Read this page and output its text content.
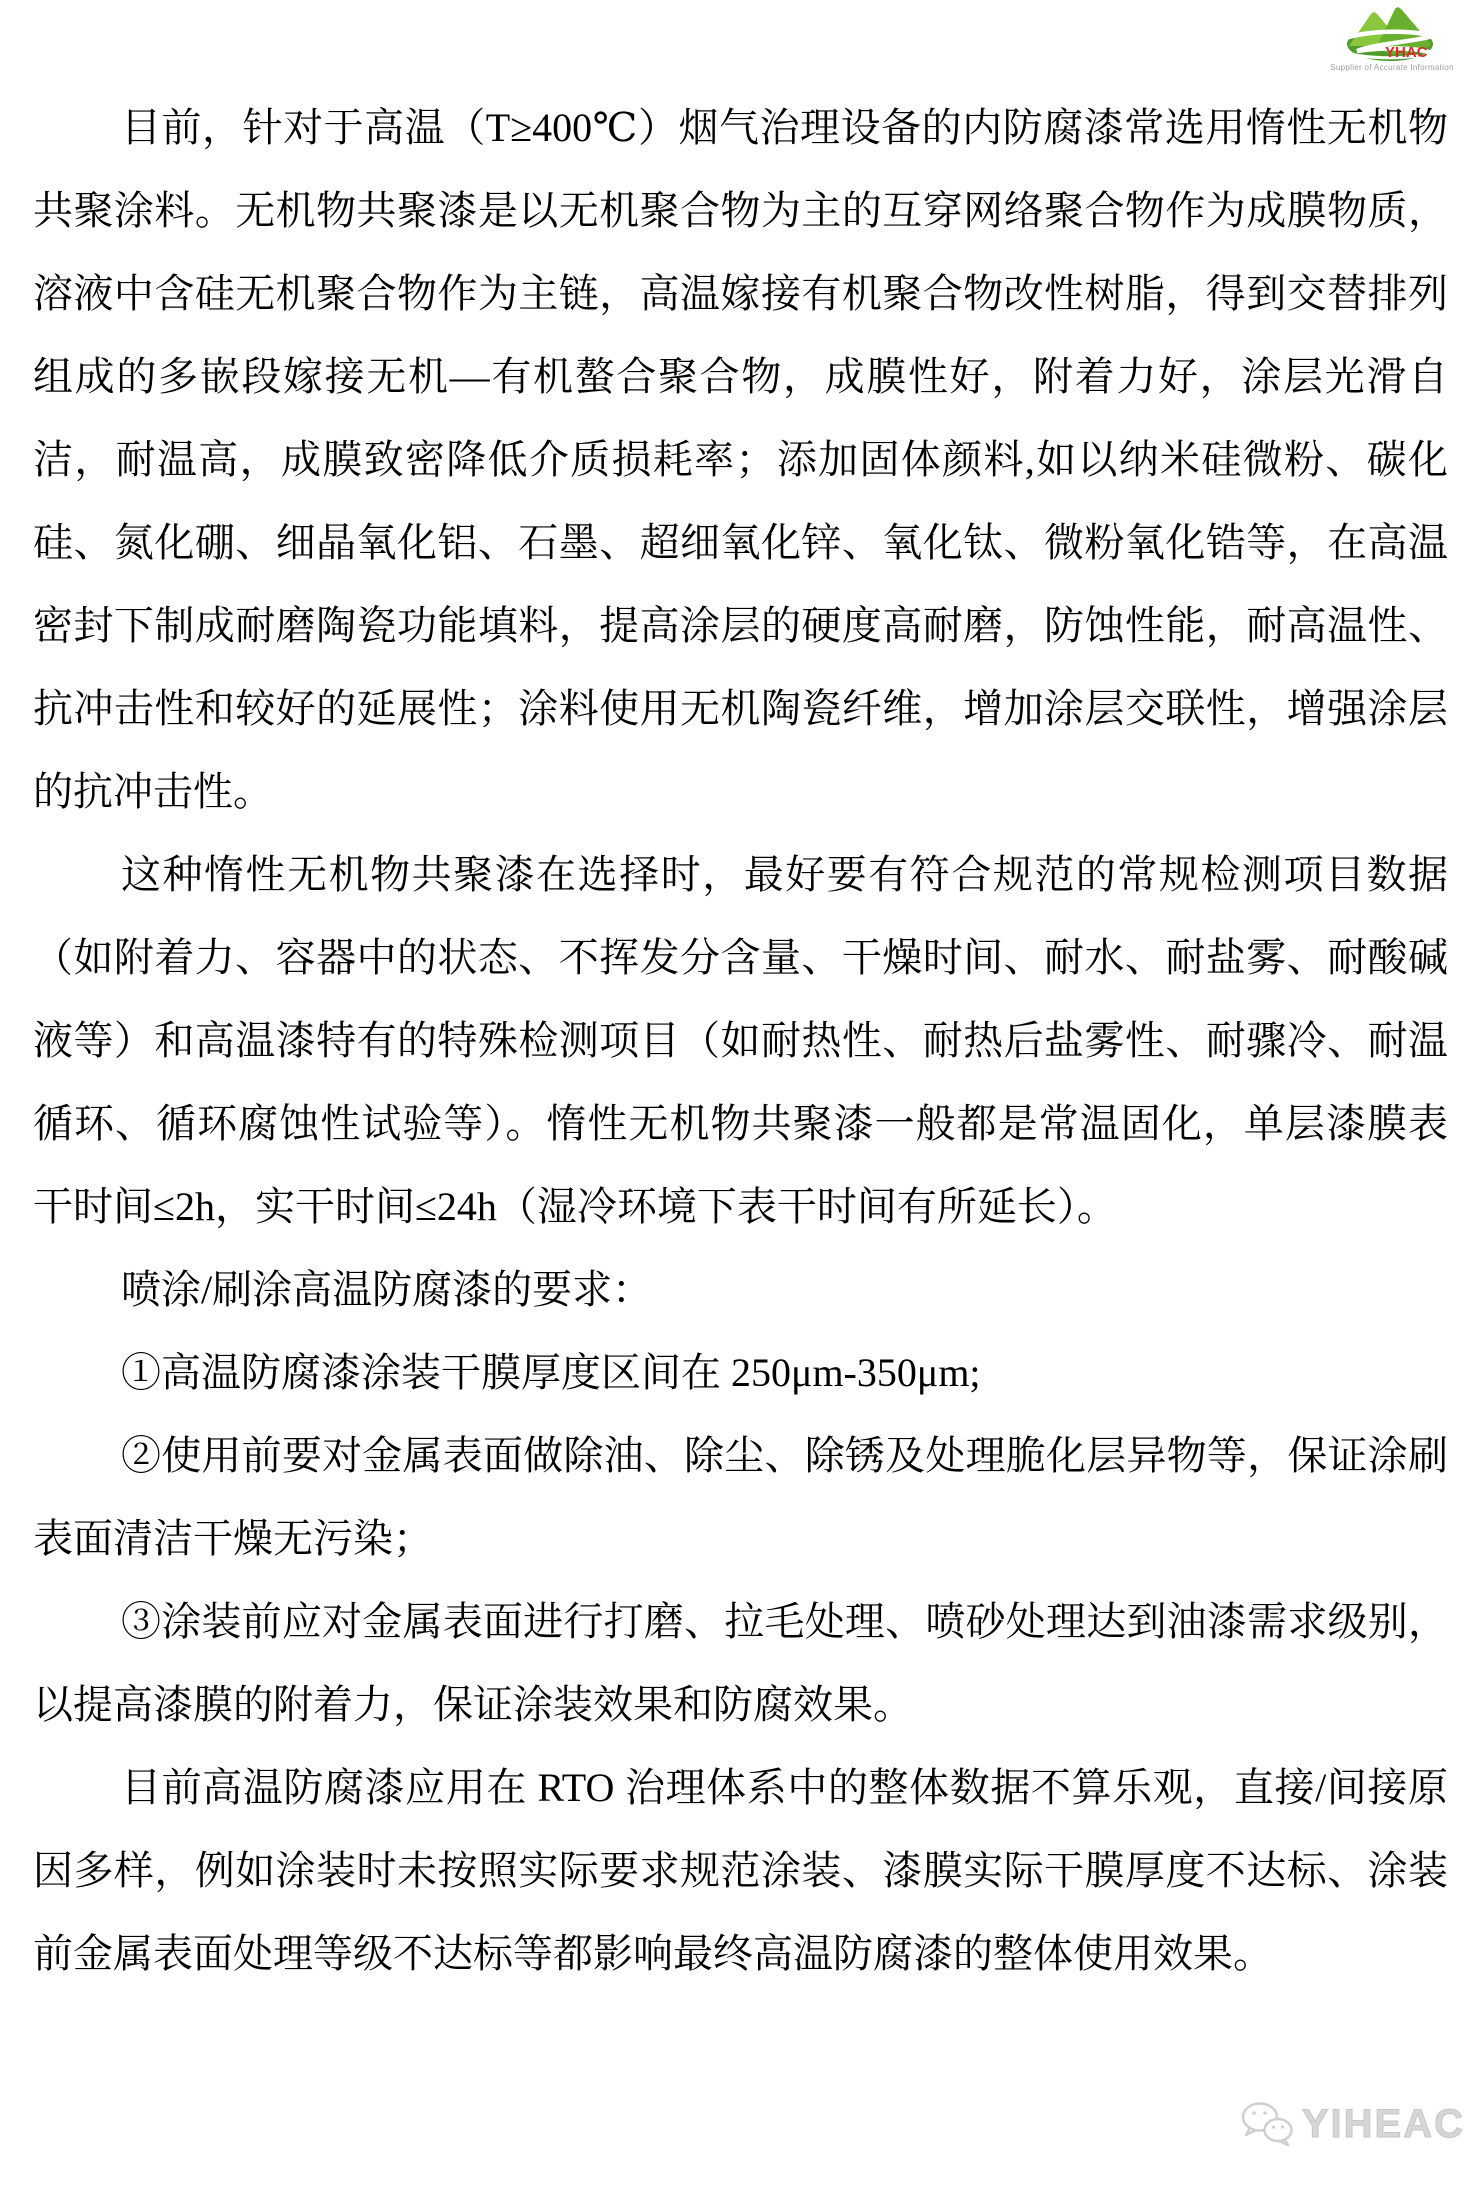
YHAC
Supplier of Accurate Information

目前，针对于高温（T≥400℃）烟气治理设备的内防腐漆常选用惰性无机物共聚涂料。无机物共聚漆是以无机聚合物为主的互穿网络聚合物作为成膜物质，溶液中含硅无机聚合物作为主链，高温嫁接有机聚合物改性树脂，得到交替排列组成的多嵌段嫁接无机—有机螯合聚合物，成膜性好，附着力好，涂层光滑自洁，耐温高，成膜致密降低介质损耗率；添加固体颜料,如以纳米硅微粉、碳化硅、氮化硼、细晶氧化铝、石墨、超细氧化锌、氧化钛、微粉氧化锆等，在高温密封下制成耐磨陶瓷功能填料，提高涂层的硬度高耐磨，防蚀性能，耐高温性、抗冲击性和较好的延展性；涂料使用无机陶瓷纤维，增加涂层交联性，增强涂层的抗冲击性。

这种惰性无机物共聚漆在选择时，最好要有符合规范的常规检测项目数据（如附着力、容器中的状态、不挥发分含量、干燥时间、耐水、耐盐雾、耐酸碱液等）和高温漆特有的特殊检测项目（如耐热性、耐热后盐雾性、耐骤冷、耐温循环、循环腐蚀性试验等）。惰性无机物共聚漆一般都是常温固化，单层漆膜表干时间≤2h，实干时间≤24h（湿冷环境下表干时间有所延长）。

喷涂/刷涂高温防腐漆的要求：

①高温防腐漆涂装干膜厚度区间在 250μm-350μm;

②使用前要对金属表面做除油、除尘、除锈及处理脆化层异物等，保证涂刷表面清洁干燥无污染；

③涂装前应对金属表面进行打磨、拉毛处理、喷砂处理达到油漆需求级别，以提高漆膜的附着力，保证涂装效果和防腐效果。

目前高温防腐漆应用在 RTO 治理体系中的整体数据不算乐观，直接/间接原因多样，例如涂装时未按照实际要求规范涂装、漆膜实际干膜厚度不达标、涂装前金属表面处理等级不达标等都影响最终高温防腐漆的整体使用效果。

YIHEAC
